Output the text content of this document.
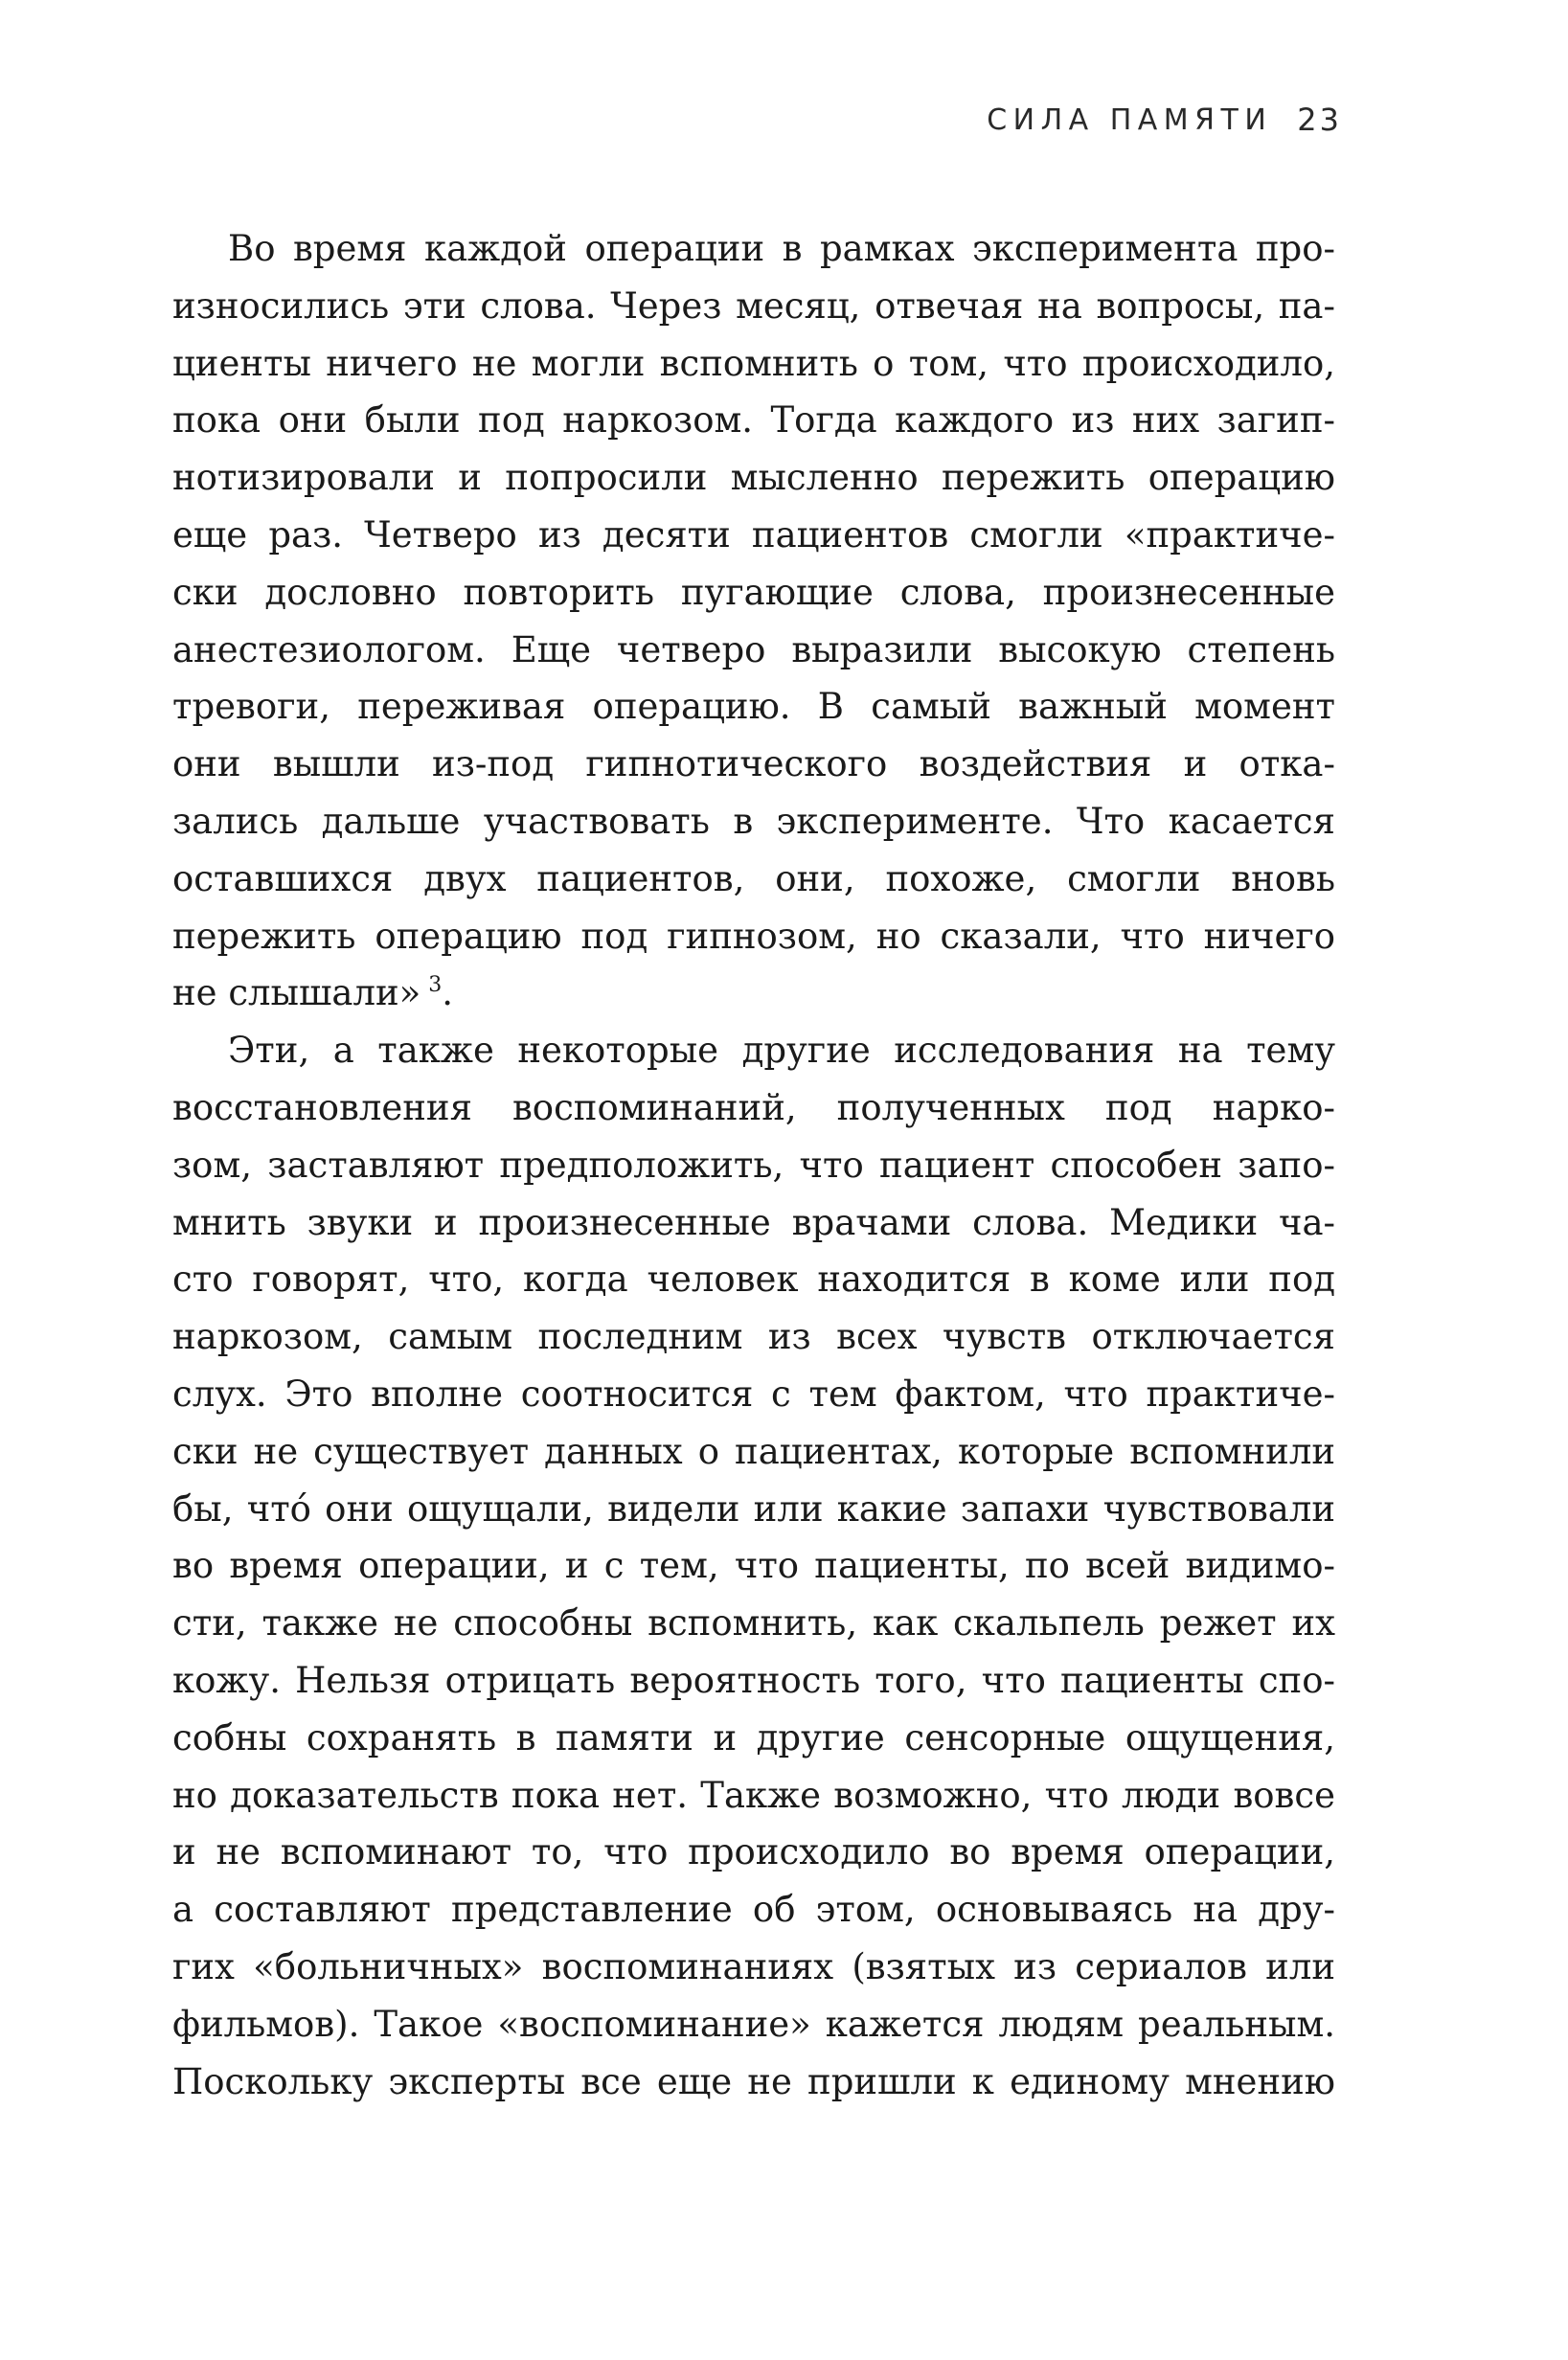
СИЛА ПАМЯТИ 23
Во время каждой операции в рамках эксперимента про-
износились эти слова. Через месяц, отвечая на вопросы, па-
циенты ничего не могли вспомнить о том, что происходило,
пока они были под наркозом. Тогда каждого из них загип-
нотизировали и попросили мысленно пережить операцию
еще раз. Четверо из десяти пациентов смогли «практиче-
ски дословно повторить пугающие слова, произнесенные
анестезиологом. Еще четверо выразили высокую степень
тревоги, переживая операцию. В самый важный момент
они вышли из-под гипнотического воздействия и отка-
зались дальше участвовать в эксперименте. Что касается
оставшихся двух пациентов, они, похоже, смогли вновь
пережить операцию под гипнозом, но сказали, что ничего
не слышали» $^3$.
Эти, а также некоторые другие исследования на тему
восстановления воспоминаний, полученных под нарко-
зом, заставляют предположить, что пациент способен запо-
мнить звуки и произнесенные врачами слова. Медики ча-
сто говорят, что, когда человек находится в коме или под
наркозом, самым последним из всех чувств отключается
слух. Это вполне соотносится с тем фактом, что практиче-
ски не существует данных о пациентах, которые вспомнили
бы, что́ они ощущали, видели или какие запахи чувствовали
во время операции, и с тем, что пациенты, по всей видимо-
сти, также не способны вспомнить, как скальпель режет их
кожу. Нельзя отрицать вероятность того, что пациенты спо-
собны сохранять в памяти и другие сенсорные ощущения,
но доказательств пока нет. Также возможно, что люди вовсе
и не вспоминают то, что происходило во время операции,
а составляют представление об этом, основываясь на дру-
гих «больничных» воспоминаниях (взятых из сериалов или
фильмов). Такое «воспоминание» кажется людям реальным.
Поскольку эксперты все еще не пришли к единому мнению
